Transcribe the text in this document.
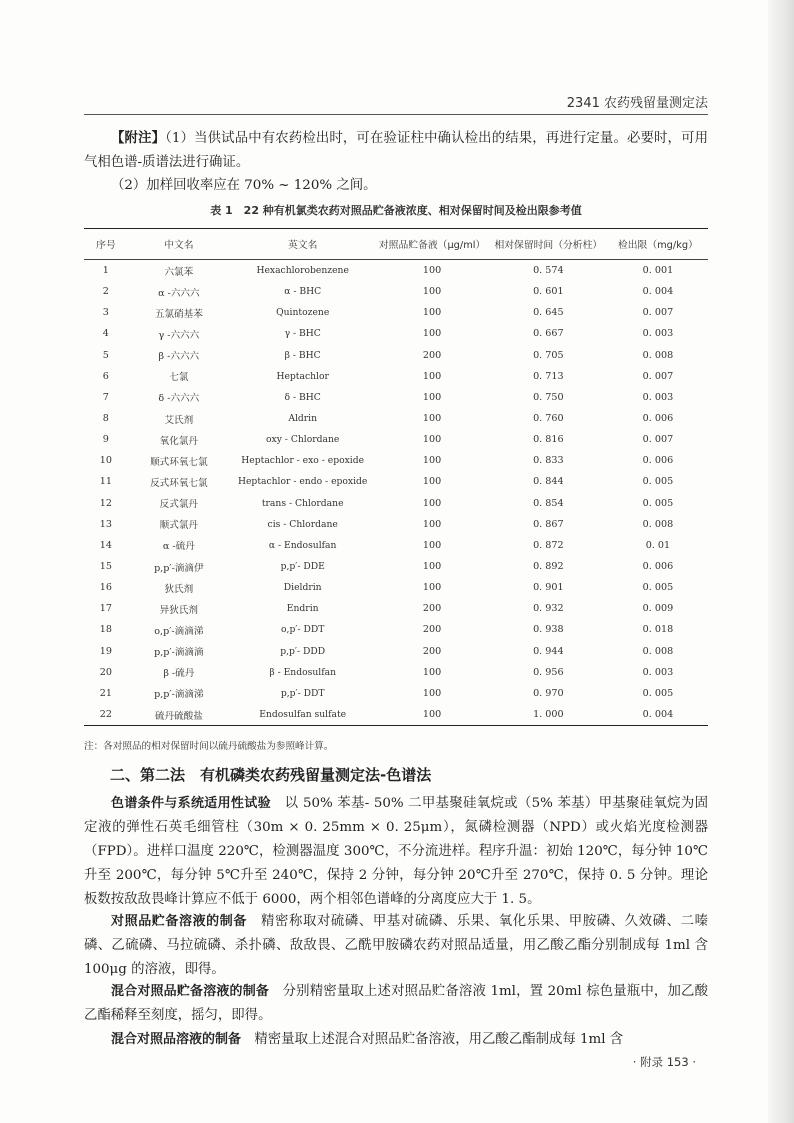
2341 农药残留量测定法
【附注】（1）当供试品中有农药检出时，可在验证柱中确认检出的结果，再进行定量。必要时，可用气相色谱-质谱法进行确证。
（2）加样回收率应在 70% ~ 120% 之间。
表 1　22 种有机氯类农药对照品贮备液浓度、相对保留时间及检出限参考值
序号	中文名	英文名	对照品贮备液（μg/ml）	相对保留时间（分析柱）	检出限（mg/kg）
1	六氯苯	Hexachlorobenzene	100	0. 574	0. 001
2	α -六六六	α - BHC	100	0. 601	0. 004
3	五氯硝基苯	Quintozene	100	0. 645	0. 007
4	γ -六六六	γ - BHC	100	0. 667	0. 003
5	β -六六六	β - BHC	200	0. 705	0. 008
6	七氯	Heptachlor	100	0. 713	0. 007
7	δ -六六六	δ - BHC	100	0. 750	0. 003
8	艾氏剂	Aldrin	100	0. 760	0. 006
9	氧化氯丹	oxy - Chlordane	100	0. 816	0. 007
10	顺式环氧七氯	Heptachlor - exo - epoxide	100	0. 833	0. 006
11	反式环氧七氯	Heptachlor - endo - epoxide	100	0. 844	0. 005
12	反式氯丹	trans - Chlordane	100	0. 854	0. 005
13	顺式氯丹	cis - Chlordane	100	0. 867	0. 008
14	α -硫丹	α - Endosulfan	100	0. 872	0. 01
15	p,p′-滴滴伊	p,p′- DDE	100	0. 892	0. 006
16	狄氏剂	Dieldrin	100	0. 901	0. 005
17	异狄氏剂	Endrin	200	0. 932	0. 009
18	o,p′-滴滴涕	o,p′- DDT	200	0. 938	0. 018
19	p,p′-滴滴滴	p,p′- DDD	200	0. 944	0. 008
20	β -硫丹	β - Endosulfan	100	0. 956	0. 003
21	p,p′-滴滴涕	p,p′- DDT	100	0. 970	0. 005
22	硫丹硫酸盐	Endosulfan sulfate	100	1. 000	0. 004
注：各对照品的相对保留时间以硫丹硫酸盐为参照峰计算。
二、第二法　有机磷类农药残留量测定法-色谱法
色谱条件与系统适用性试验　 以 50% 苯基- 50% 二甲基聚硅氧烷或（5% 苯基）甲基聚硅氧烷为固定液的弹性石英毛细管柱（30m × 0. 25mm × 0. 25μm），氮磷检测器（NPD）或火焰光度检测器（FPD）。进样口温度 220℃，检测器温度 300℃，不分流进样。程序升温：初始 120℃，每分钟 10℃升至 200℃，每分钟 5℃升至 240℃，保持 2 分钟，每分钟 20℃升至 270℃，保持 0. 5 分钟。理论板数按敌敌畏峰计算应不低于 6000，两个相邻色谱峰的分离度应大于 1. 5。
对照品贮备溶液的制备　 精密称取对硫磷、甲基对硫磷、乐果、氧化乐果、甲胺磷、久效磷、二嗪磷、乙硫磷、马拉硫磷、杀扑磷、敌敌畏、乙酰甲胺磷农药对照品适量，用乙酸乙酯分别制成每 1ml 含 100μg 的溶液，即得。
混合对照品贮备溶液的制备　 分别精密量取上述对照品贮备溶液 1ml，置 20ml 棕色量瓶中，加乙酸乙酯稀释至刻度，摇匀，即得。
混合对照品溶液的制备　 精密量取上述混合对照品贮备溶液，用乙酸乙酯制成每 1ml 含
· 附录 153 ·
